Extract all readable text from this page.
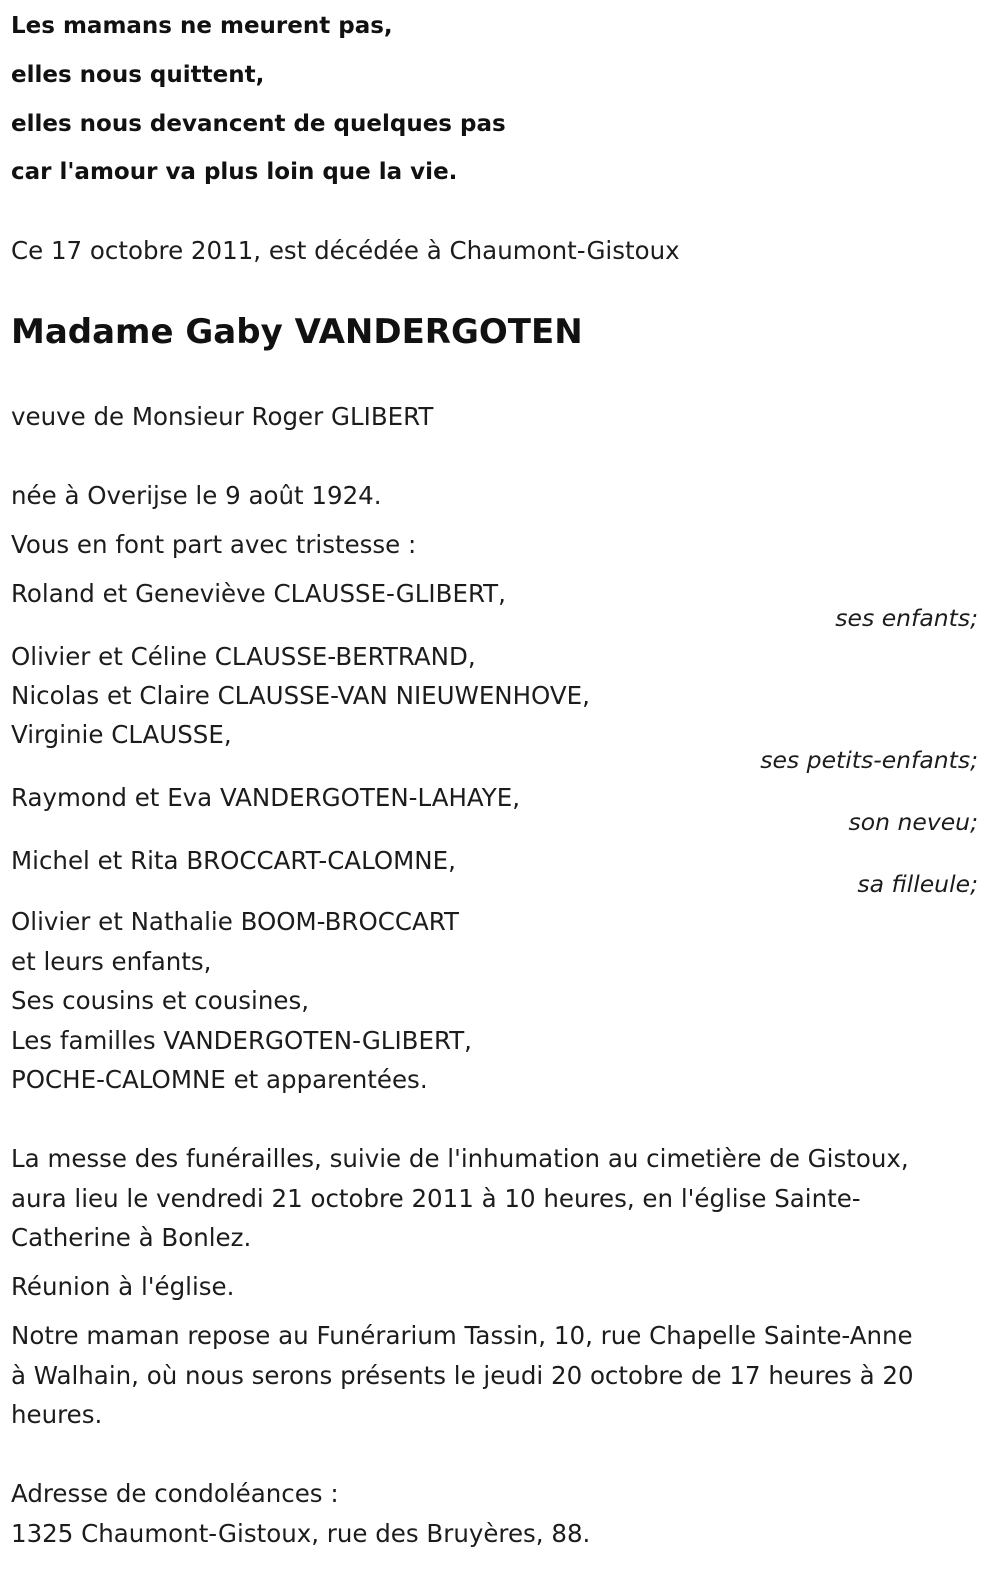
Les mamans ne meurent pas,
elles nous quittent,
elles nous devancent de quelques pas
car l'amour va plus loin que la vie.
Ce 17 octobre 2011, est décédée à Chaumont-Gistoux
Madame Gaby VANDERGOTEN
veuve de Monsieur Roger GLIBERT
née à Overijse le 9 août 1924.
Vous en font part avec tristesse :
Roland et Geneviève CLAUSSE-GLIBERT,
ses enfants;
Olivier et Céline CLAUSSE-BERTRAND,
Nicolas et Claire CLAUSSE-VAN NIEUWENHOVE,
Virginie CLAUSSE,
ses petits-enfants;
Raymond et Eva VANDERGOTEN-LAHAYE,
son neveu;
Michel et Rita BROCCART-CALOMNE,
sa filleule;
Olivier et Nathalie BOOM-BROCCART
et leurs enfants,
Ses cousins et cousines,
Les familles VANDERGOTEN-GLIBERT,
POCHE-CALOMNE et apparentées.
La messe des funérailles, suivie de l'inhumation au cimetière de Gistoux,
aura lieu le vendredi 21 octobre 2011 à 10 heures, en l'église Sainte-
Catherine à Bonlez.
Réunion à l'église.
Notre maman repose au Funérarium Tassin, 10, rue Chapelle Sainte-Anne
à Walhain, où nous serons présents le jeudi 20 octobre de 17 heures à 20
heures.
Adresse de condoléances :
1325 Chaumont-Gistoux, rue des Bruyères, 88.
